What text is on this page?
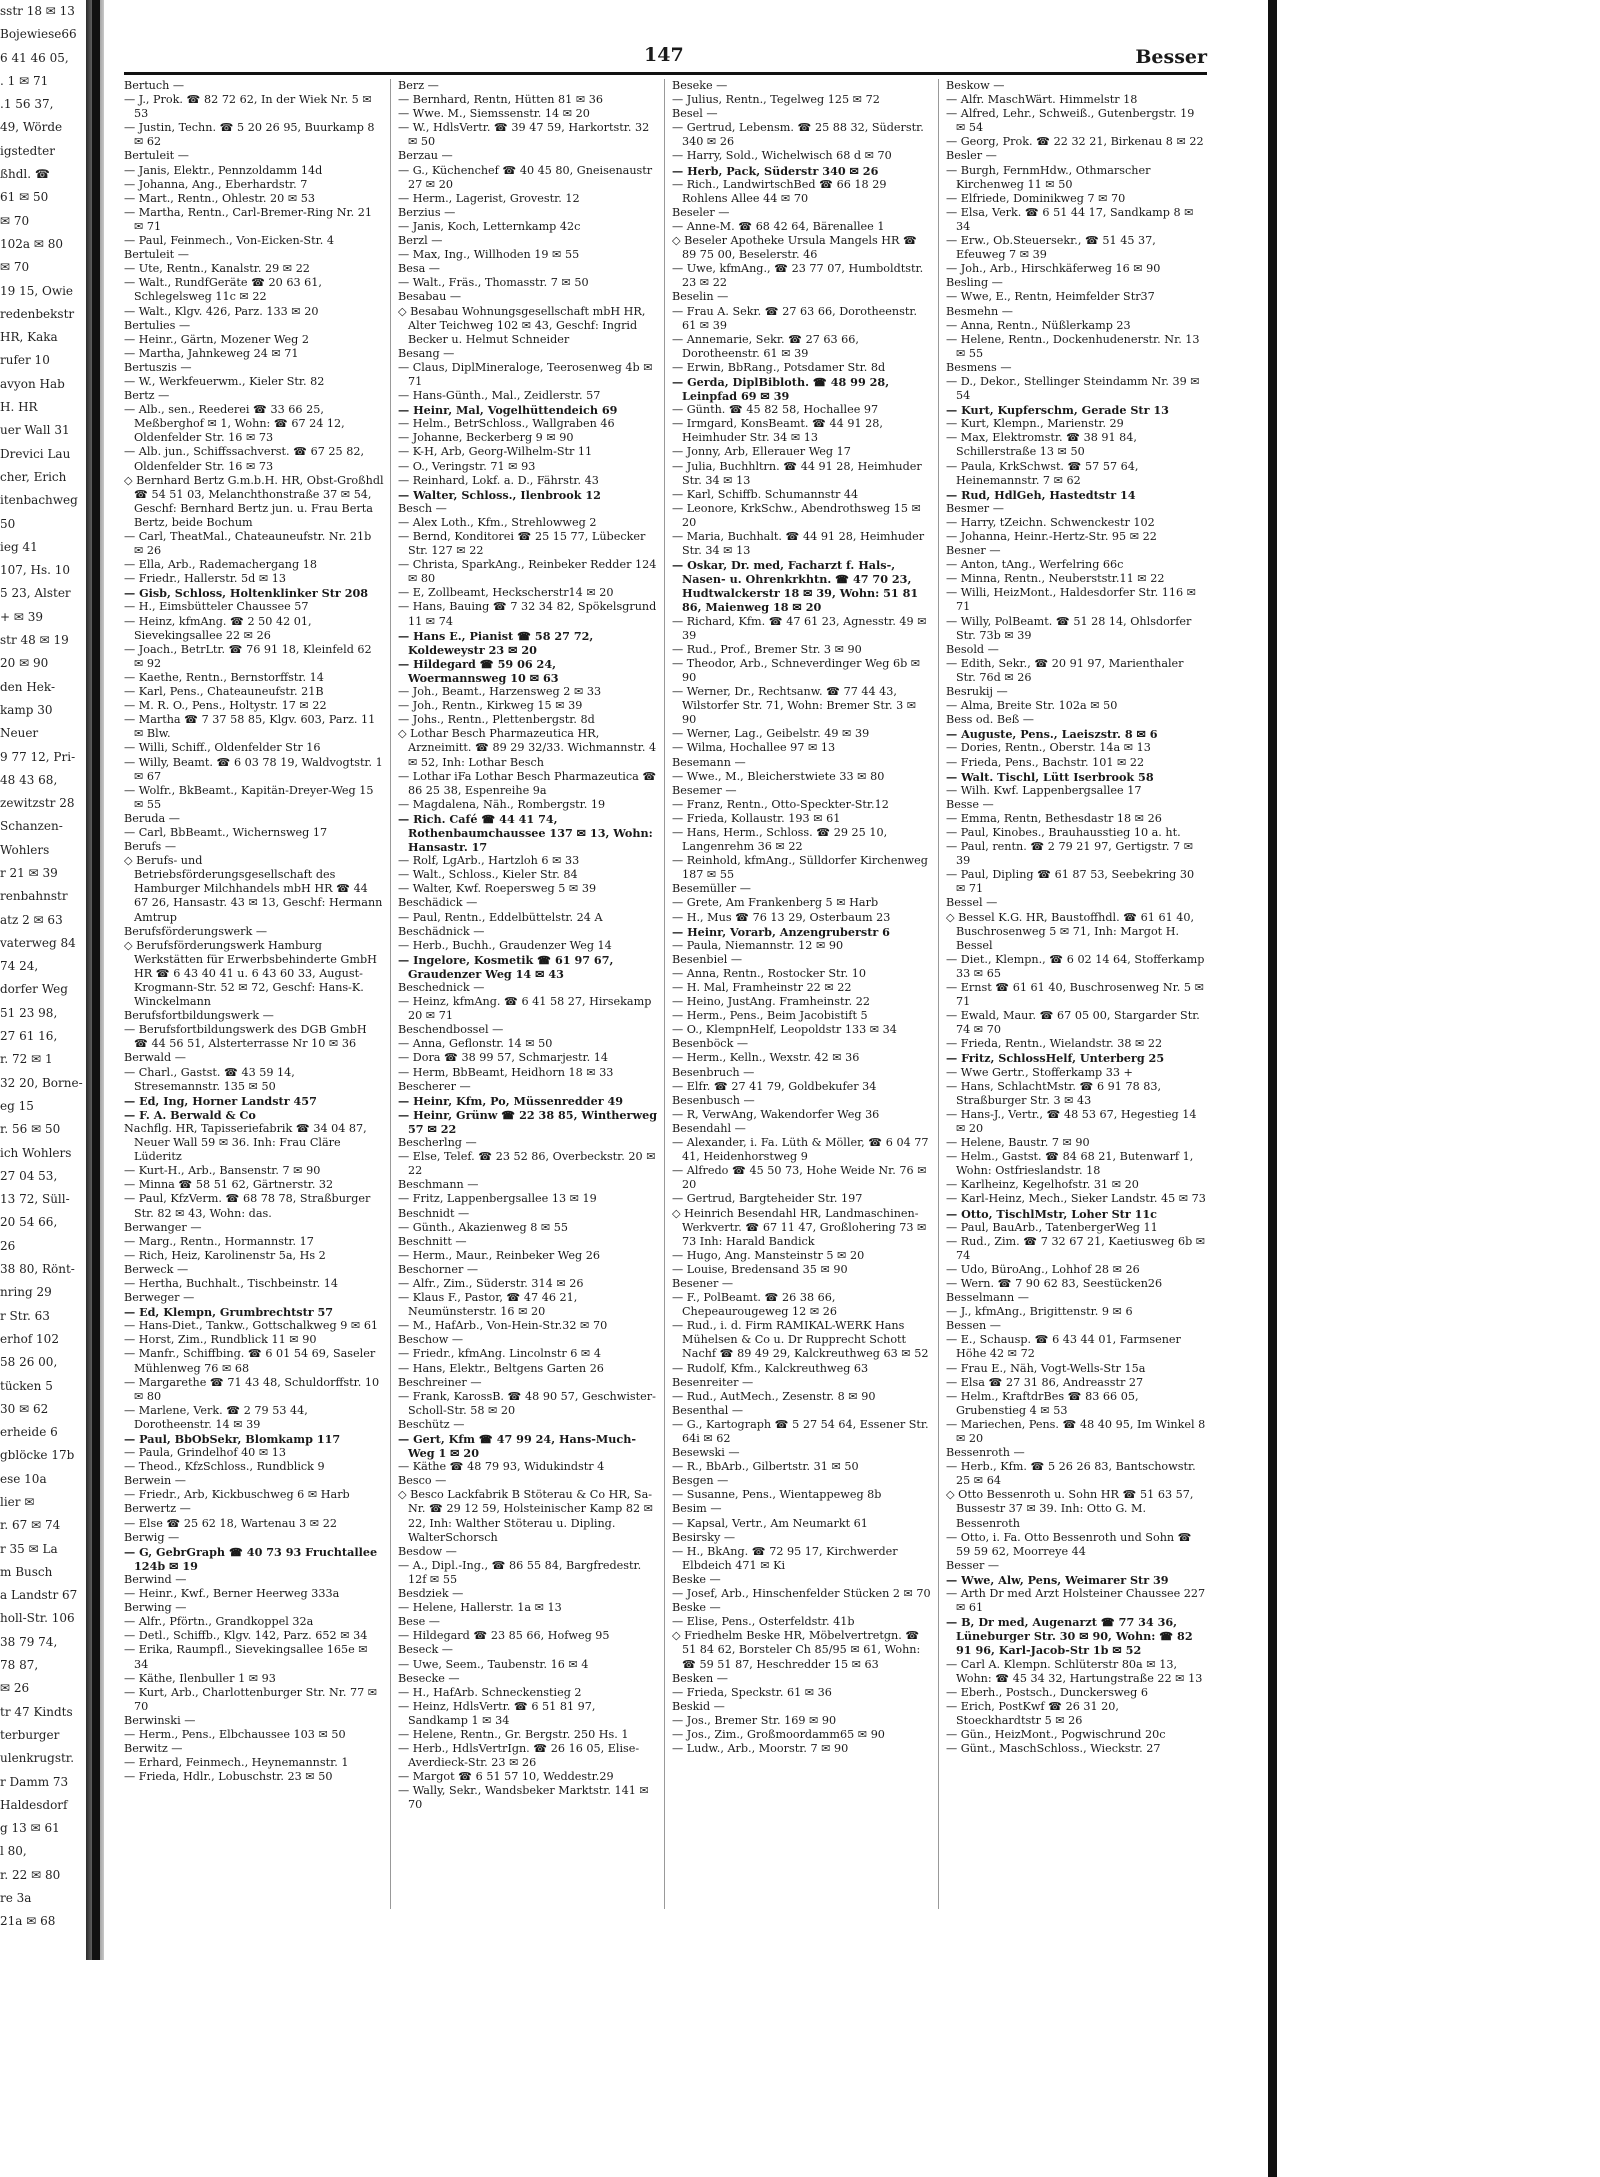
sstr 18 ✉ 13
Bojewiese66
6 41 46 05,
. 1 ✉ 71
.1 56 37,
49, Wörde
igstedter
ßhdl. ☎
61 ✉ 50
✉ 70
102a ✉ 80
✉ 70
19 15, Owie
redenbekstr
HR, Kaka
rufer 10
avyon Hab
H. HR
uer Wall 31
Drevici Lau
cher, Erich
itenbachweg
50
ieg 41
107, Hs. 10
5 23, Alster
+ ✉ 39
str 48 ✉ 19
20 ✉ 90
den Hek-
kamp 30
Neuer
9 77 12, Pri-
48 43 68,
zewitzstr 28
Schanzen-
Wohlers
r 21 ✉ 39
renbahnstr
atz 2 ✉ 63
vaterweg 84
74 24,
dorfer Weg
51 23 98,
27 61 16,
r. 72 ✉ 1
32 20, Borne-
eg 15
r. 56 ✉ 50
ich Wohlers
27 04 53,
13 72, Süll-
20 54 66,
26
38 80, Rönt-
nring 29
r Str. 63
erhof 102
58 26 00,
tücken 5
30 ✉ 62
erheide 6
gblöcke 17b
ese 10a
lier ✉
r. 67 ✉ 74
r 35 ✉ La
m Busch
a Landstr 67
holl-Str. 106
38 79 74,
78 87,
✉ 26
tr 47 Kindts
terburger
ulenkrugstr.
r Damm 73
Haldesdorf
g 13 ✉ 61
l 80,
r. 22 ✉ 80
re 3a
21a ✉ 68
147	Besser

Bertuch —

— J., Prok. ☎ 82 72 62, In der Wiek Nr. 5 ✉ 53

— Justin, Techn. ☎ 5 20 26 95, Buurkamp 8 ✉ 62

Bertuleit —

— Janis, Elektr., Pennzoldamm 14d

— Johanna, Ang., Eberhardstr. 7

— Mart., Rentn., Ohlestr. 20 ✉ 53

— Martha, Rentn., Carl-Bremer-Ring Nr. 21 ✉ 71

— Paul, Feinmech., Von-Eicken-Str. 4

Bertuleit —

— Ute, Rentn., Kanalstr. 29 ✉ 22

— Walt., RundfGeräte ☎ 20 63 61, Schlegelsweg 11c ✉ 22

— Walt., Klgv. 426, Parz. 133 ✉ 20

Bertulies —

— Heinr., Gärtn, Mozener Weg 2

— Martha, Jahnkeweg 24 ✉ 71

Bertuszis —

— W., Werkfeuerwm., Kieler Str. 82

Bertz —

— Alb., sen., Reederei ☎ 33 66 25, Meßberghof ✉ 1, Wohn: ☎ 67 24 12, Oldenfelder Str. 16 ✉ 73

— Alb. jun., Schiffssachverst. ☎ 67 25 82, Oldenfelder Str. 16 ✉ 73

◇ Bernhard Bertz G.m.b.H. HR, Obst-Großhdl ☎ 54 51 03, Melanchthonstraße 37 ✉ 54, Geschf: Bernhard Bertz jun. u. Frau Berta Bertz, beide Bochum

— Carl, TheatMal., Chateauneufstr. Nr. 21b ✉ 26

— Ella, Arb., Rademachergang 18

— Friedr., Hallerstr. 5d ✉ 13

— Gisb, Schloss, Holtenklinker Str 208

— H., Eimsbütteler Chaussee 57

— Heinz, kfmAng. ☎ 2 50 42 01, Sievekingsallee 22 ✉ 26

— Joach., BetrLtr. ☎ 76 91 18, Kleinfeld 62 ✉ 92

— Kaethe, Rentn., Bernstorffstr. 14

— Karl, Pens., Chateauneufstr. 21B

— M. R. O., Pens., Holtystr. 17 ✉ 22

— Martha ☎ 7 37 58 85, Klgv. 603, Parz. 11 ✉ Blw.

— Willi, Schiff., Oldenfelder Str 16

— Willy, Beamt. ☎ 6 03 78 19, Waldvogtstr. 1 ✉ 67

— Wolfr., BkBeamt., Kapitän-Dreyer-Weg 15 ✉ 55

Beruda —

— Carl, BbBeamt., Wichernsweg 17

Berufs —

◇ Berufs- und Betriebsförderungsgesellschaft des Hamburger Milchhandels mbH HR ☎ 44 67 26, Hansastr. 43 ✉ 13, Geschf: Hermann Amtrup

Berufsförderungswerk —

◇ Berufsförderungswerk Hamburg Werkstätten für Erwerbsbehinderte GmbH HR ☎ 6 43 40 41 u. 6 43 60 33, August-Krogmann-Str. 52 ✉ 72, Geschf: Hans-K. Winckelmann

Berufsfortbildungswerk —

— Berufsfortbildungswerk des DGB GmbH ☎ 44 56 51, Alsterterrasse Nr 10 ✉ 36

Berwald —

— Charl., Gastst. ☎ 43 59 14, Stresemannstr. 135 ✉ 50

— Ed, Ing, Horner Landstr 457

— F. A. Berwald & Co

Nachflg. HR, Tapisseriefabrik ☎ 34 04 87, Neuer Wall 59 ✉ 36. Inh: Frau Cläre Lüderitz

— Kurt-H., Arb., Bansenstr. 7 ✉ 90

— Minna ☎ 58 51 62, Gärtnerstr. 32

— Paul, KfzVerm. ☎ 68 78 78, Straßburger Str. 82 ✉ 43, Wohn: das.

Berwanger —

— Marg., Rentn., Hormannstr. 17

— Rich, Heiz, Karolinenstr 5a, Hs 2

Berweck —

— Hertha, Buchhalt., Tischbeinstr. 14

Berweger —

— Ed, Klempn, Grumbrechtstr 57

— Hans-Diet., Tankw., Gottschalkweg 9 ✉ 61

— Horst, Zim., Rundblick 11 ✉ 90

— Manfr., Schiffbing. ☎ 6 01 54 69, Saseler Mühlenweg 76 ✉ 68

— Margarethe ☎ 71 43 48, Schuldorffstr. 10 ✉ 80

— Marlene, Verk. ☎ 2 79 53 44, Dorotheenstr. 14 ✉ 39

— Paul, BbObSekr, Blomkamp 117

— Paula, Grindelhof 40 ✉ 13

— Theod., KfzSchloss., Rundblick 9

Berwein —

— Friedr., Arb, Kickbuschweg 6 ✉ Harb

Berwertz —

— Else ☎ 25 62 18, Wartenau 3 ✉ 22

Berwig —

— G, GebrGraph ☎ 40 73 93 Fruchtallee 124b ✉ 19

Berwind —

— Heinr., Kwf., Berner Heerweg 333a

Berwing —

— Alfr., Pförtn., Grandkoppel 32a

— Detl., Schiffb., Klgv. 142, Parz. 652 ✉ 34

— Erika, Raumpfl., Sievekingsallee 165e ✉ 34

— Käthe, Ilenbuller 1 ✉ 93

— Kurt, Arb., Charlottenburger Str. Nr. 77 ✉ 70

Berwinski —

— Herm., Pens., Elbchaussee 103 ✉ 50

Berwitz —

— Erhard, Feinmech., Heynemannstr. 1

— Frieda, Hdlr., Lobuschstr. 23 ✉ 50

Berz —

— Bernhard, Rentn, Hütten 81 ✉ 36

— Wwe. M., Siemssenstr. 14 ✉ 20

— W., HdlsVertr. ☎ 39 47 59, Harkortstr. 32 ✉ 50

Berzau —

— G., Küchenchef ☎ 40 45 80, Gneisenaustr 27 ✉ 20

— Herm., Lagerist, Grovestr. 12

Berzius —

— Janis, Koch, Letternkamp 42c

Berzl —

— Max, Ing., Willhoden 19 ✉ 55

Besa —

— Walt., Fräs., Thomasstr. 7 ✉ 50

Besabau —

◇ Besabau Wohnungsgesellschaft mbH HR, Alter Teichweg 102 ✉ 43, Geschf: Ingrid Becker u. Helmut Schneider

Besang —

— Claus, DiplMineraloge, Teerosenweg 4b ✉ 71

— Hans-Günth., Mal., Zeidlerstr. 57

— Heinr, Mal, Vogelhüttendeich 69

— Helm., BetrSchloss., Wallgraben 46

— Johanne, Beckerberg 9 ✉ 90

— K-H, Arb, Georg-Wilhelm-Str 11

— O., Veringstr. 71 ✉ 93

— Reinhard, Lokf. a. D., Fährstr. 43

— Walter, Schloss., Ilenbrook 12

Besch —

— Alex Loth., Kfm., Strehlowweg 2

— Bernd, Konditorei ☎ 25 15 77, Lübecker Str. 127 ✉ 22

— Christa, SparkAng., Reinbeker Redder 124 ✉ 80

— E, Zollbeamt, Heckscherstr14 ✉ 20

— Hans, Bauing ☎ 7 32 34 82, Spökelsgrund 11 ✉ 74

— Hans E., Pianist ☎ 58 27 72, Koldeweystr 23 ✉ 20

— Hildegard ☎ 59 06 24, Woermannsweg 10 ✉ 63

— Joh., Beamt., Harzensweg 2 ✉ 33

— Joh., Rentn., Kirkweg 15 ✉ 39

— Johs., Rentn., Plettenbergstr. 8d

◇ Lothar Besch Pharmazeutica HR, Arzneimitt. ☎ 89 29 32/33. Wichmannstr. 4 ✉ 52, Inh: Lothar Besch

— Lothar iFa Lothar Besch Pharmazeutica ☎ 86 25 38, Espenreihe 9a

— Magdalena, Näh., Rombergstr. 19

— Rich. Café ☎ 44 41 74, Rothenbaumchaussee 137 ✉ 13, Wohn: Hansastr. 17

— Rolf, LgArb., Hartzloh 6 ✉ 33

— Walt., Schloss., Kieler Str. 84

— Walter, Kwf. Roepersweg 5 ✉ 39

Beschädick —

— Paul, Rentn., Eddelbüttelstr. 24 A

Beschädnick —

— Herb., Buchh., Graudenzer Weg 14

— Ingelore, Kosmetik ☎ 61 97 67, Graudenzer Weg 14 ✉ 43

Beschednick —

— Heinz, kfmAng. ☎ 6 41 58 27, Hirsekamp 20 ✉ 71

Beschendbossel —

— Anna, Geflonstr. 14 ✉ 50

— Dora ☎ 38 99 57, Schmarjestr. 14

— Herm, BbBeamt, Heidhorn 18 ✉ 33

Bescherer —

— Heinr, Kfm, Po, Müssenredder 49

— Heinr, Grünw ☎ 22 38 85, Wintherweg 57 ✉ 22

Bescherlng —

— Else, Telef. ☎ 23 52 86, Overbeckstr. 20 ✉ 22

Beschmann —

— Fritz, Lappenbergsallee 13 ✉ 19

Beschnidt —

— Günth., Akazienweg 8 ✉ 55

Beschnitt —

— Herm., Maur., Reinbeker Weg 26

Beschorner —

— Alfr., Zim., Süderstr. 314 ✉ 26

— Klaus F., Pastor, ☎ 47 46 21, Neumünsterstr. 16 ✉ 20

— M., HafArb., Von-Hein-Str.32 ✉ 70

Beschow —

— Friedr., kfmAng. Lincolnstr 6 ✉ 4

— Hans, Elektr., Beltgens Garten 26

Beschreiner —

— Frank, KarossB. ☎ 48 90 57, Geschwister-Scholl-Str. 58 ✉ 20

Beschütz —

— Gert, Kfm ☎ 47 99 24, Hans-Much-Weg 1 ✉ 20

— Käthe ☎ 48 79 93, Widukindstr 4

Besco —

◇ Besco Lackfabrik B Stöterau & Co HR, Sa-Nr. ☎ 29 12 59, Holsteinischer Kamp 82 ✉ 22, Inh: Walther Stöterau u. Dipling. WalterSchorsch

Besdow —

— A., Dipl.-Ing., ☎ 86 55 84, Bargfredestr. 12f ✉ 55

Besdziek —

— Helene, Hallerstr. 1a ✉ 13

Bese —

— Hildegard ☎ 23 85 66, Hofweg 95

Beseck —

— Uwe, Seem., Taubenstr. 16 ✉ 4

Besecke —

— H., HafArb. Schneckenstieg 2

— Heinz, HdlsVertr. ☎ 6 51 81 97, Sandkamp 1 ✉ 34

— Helene, Rentn., Gr. Bergstr. 250 Hs. 1

— Herb., HdlsVertrIgn. ☎ 26 16 05, Elise-Averdieck-Str. 23 ✉ 26

— Margot ☎ 6 51 57 10, Weddestr.29

— Wally, Sekr., Wandsbeker Marktstr. 141 ✉ 70

Beseke —

— Julius, Rentn., Tegelweg 125 ✉ 72

Besel —

— Gertrud, Lebensm. ☎ 25 88 32, Süderstr. 340 ✉ 26

— Harry, Sold., Wichelwisch 68 d ✉ 70

— Herb, Pack, Süderstr 340 ✉ 26

— Rich., LandwirtschBed ☎ 66 18 29 Rohlens Allee 44 ✉ 70

Beseler —

— Anne-M. ☎ 68 42 64, Bärenallee 1

◇ Beseler Apotheke Ursula Mangels HR ☎ 89 75 00, Beselerstr. 46

— Uwe, kfmAng., ☎ 23 77 07, Humboldtstr. 23 ✉ 22

Beselin —

— Frau A. Sekr. ☎ 27 63 66, Dorotheenstr. 61 ✉ 39

— Annemarie, Sekr. ☎ 27 63 66, Dorotheenstr. 61 ✉ 39

— Erwin, BbRang., Potsdamer Str. 8d

— Gerda, DiplBibloth. ☎ 48 99 28, Leinpfad 69 ✉ 39

— Günth. ☎ 45 82 58, Hochallee 97

— Irmgard, KonsBeamt. ☎ 44 91 28, Heimhuder Str. 34 ✉ 13

— Jonny, Arb, Ellerauer Weg 17

— Julia, Buchhltrn. ☎ 44 91 28, Heimhuder Str. 34 ✉ 13

— Karl, Schiffb. Schumannstr 44

— Leonore, KrkSchw., Abendrothsweg 15 ✉ 20

— Maria, Buchhalt. ☎ 44 91 28, Heimhuder Str. 34 ✉ 13

— Oskar, Dr. med, Facharzt f. Hals-, Nasen- u. Ohrenkrkhtn. ☎ 47 70 23, Hudtwalckerstr 18 ✉ 39, Wohn: 51 81 86, Maienweg 18 ✉ 20

— Richard, Kfm. ☎ 47 61 23, Agnesstr. 49 ✉ 39

— Rud., Prof., Bremer Str. 3 ✉ 90

— Theodor, Arb., Schneverdinger Weg 6b ✉ 90

— Werner, Dr., Rechtsanw. ☎ 77 44 43, Wilstorfer Str. 71, Wohn: Bremer Str. 3 ✉ 90

— Werner, Lag., Geibelstr. 49 ✉ 39

— Wilma, Hochallee 97 ✉ 13

Besemann —

— Wwe., M., Bleicherstwiete 33 ✉ 80

Besemer —

— Franz, Rentn., Otto-Speckter-Str.12

— Frieda, Kollaustr. 193 ✉ 61

— Hans, Herm., Schloss. ☎ 29 25 10, Langenrehm 36 ✉ 22

— Reinhold, kfmAng., Sülldorfer Kirchenweg 187 ✉ 55

Besemüller —

— Grete, Am Frankenberg 5 ✉ Harb

— H., Mus ☎ 76 13 29, Osterbaum 23

— Heinr, Vorarb, Anzengruberstr 6

— Paula, Niemannstr. 12 ✉ 90

Besenbiel —

— Anna, Rentn., Rostocker Str. 10

— H. Mal, Framheinstr 22 ✉ 22

— Heino, JustAng. Framheinstr. 22

— Herm., Pens., Beim Jacobistift 5

— O., KlempnHelf, Leopoldstr 133 ✉ 34

Besenböck —

— Herm., Kelln., Wexstr. 42 ✉ 36

Besenbruch —

— Elfr. ☎ 27 41 79, Goldbekufer 34

Besenbusch —

— R, VerwAng, Wakendorfer Weg 36

Besendahl —

— Alexander, i. Fa. Lüth & Möller, ☎ 6 04 77 41, Heidenhorstweg 9

— Alfredo ☎ 45 50 73, Hohe Weide Nr. 76 ✉ 20

— Gertrud, Bargteheider Str. 197

◇ Heinrich Besendahl HR, Landmaschinen-Werkvertr. ☎ 67 11 47, Großlohering 73 ✉ 73 Inh: Harald Bandick

— Hugo, Ang. Mansteinstr 5 ✉ 20

— Louise, Bredensand 35 ✉ 90

Besener —

— F., PolBeamt. ☎ 26 38 66, Chepeaurougeweg 12 ✉ 26

— Rud., i. d. Firm RAMIKAL-WERK Hans Mühelsen & Co u. Dr Rupprecht Schott Nachf ☎ 89 49 29, Kalckreuthweg 63 ✉ 52

— Rudolf, Kfm., Kalckreuthweg 63

Besenreiter —

— Rud., AutMech., Zesenstr. 8 ✉ 90

Besenthal —

— G., Kartograph ☎ 5 27 54 64, Essener Str. 64i ✉ 62

Besewski —

— R., BbArb., Gilbertstr. 31 ✉ 50

Besgen —

— Susanne, Pens., Wientappeweg 8b

Besim —

— Kapsal, Vertr., Am Neumarkt 61

Besirsky —

— H., BkAng. ☎ 72 95 17, Kirchwerder Elbdeich 471 ✉ Ki

Beske —

— Josef, Arb., Hinschenfelder Stücken 2 ✉ 70

Beske —

— Elise, Pens., Osterfeldstr. 41b

◇ Friedhelm Beske HR, Möbelvertretgn. ☎ 51 84 62, Borsteler Ch 85/95 ✉ 61, Wohn: ☎ 59 51 87, Heschredder 15 ✉ 63

Besken —

— Frieda, Speckstr. 61 ✉ 36

Beskid —

— Jos., Bremer Str. 169 ✉ 90

— Jos., Zim., Großmoordamm65 ✉ 90

— Ludw., Arb., Moorstr. 7 ✉ 90

Beskow —

— Alfr. MaschWärt. Himmelstr 18

— Alfred, Lehr., Schweiß., Gutenbergstr. 19 ✉ 54

— Georg, Prok. ☎ 22 32 21, Birkenau 8 ✉ 22

Besler —

— Burgh, FernmHdw., Othmarscher Kirchenweg 11 ✉ 50

— Elfriede, Dominikweg 7 ✉ 70

— Elsa, Verk. ☎ 6 51 44 17, Sandkamp 8 ✉ 34

— Erw., Ob.Steuersekr., ☎ 51 45 37, Efeuweg 7 ✉ 39

— Joh., Arb., Hirschkäferweg 16 ✉ 90

Besling —

— Wwe, E., Rentn, Heimfelder Str37

Besmehn —

— Anna, Rentn., Nüßlerkamp 23

— Helene, Rentn., Dockenhudenerstr. Nr. 13 ✉ 55

Besmens —

— D., Dekor., Stellinger Steindamm Nr. 39 ✉ 54

— Kurt, Kupferschm, Gerade Str 13

— Kurt, Klempn., Marienstr. 29

— Max, Elektromstr. ☎ 38 91 84, Schillerstraße 13 ✉ 50

— Paula, KrkSchwst. ☎ 57 57 64, Heinemannstr. 7 ✉ 62

— Rud, HdlGeh, Hastedtstr 14

Besmer —

— Harry, tZeichn. Schwenckestr 102

— Johanna, Heinr.-Hertz-Str. 95 ✉ 22

Besner —

— Anton, tAng., Werfelring 66c

— Minna, Rentn., Neuberststr.11 ✉ 22

— Willi, HeizMont., Haldesdorfer Str. 116 ✉ 71

— Willy, PolBeamt. ☎ 51 28 14, Ohlsdorfer Str. 73b ✉ 39

Besold —

— Edith, Sekr., ☎ 20 91 97, Marienthaler Str. 76d ✉ 26

Besrukij —

— Alma, Breite Str. 102a ✉ 50

Bess od. Beß —

— Auguste, Pens., Laeiszstr. 8 ✉ 6

— Dories, Rentn., Oberstr. 14a ✉ 13

— Frieda, Pens., Bachstr. 101 ✉ 22

— Walt. Tischl, Lütt Iserbrook 58

— Wilh. Kwf. Lappenbergsallee 17

Besse —

— Emma, Rentn, Bethesdastr 18 ✉ 26

— Paul, Kinobes., Brauhausstieg 10 a. ht.

— Paul, rentn. ☎ 2 79 21 97, Gertigstr. 7 ✉ 39

— Paul, Dipling ☎ 61 87 53, Seebekring 30 ✉ 71

Bessel —

◇ Bessel K.G. HR, Baustoffhdl. ☎ 61 61 40, Buschrosenweg 5 ✉ 71, Inh: Margot H. Bessel

— Diet., Klempn., ☎ 6 02 14 64, Stofferkamp 33 ✉ 65

— Ernst ☎ 61 61 40, Buschrosenweg Nr. 5 ✉ 71

— Ewald, Maur. ☎ 67 05 00, Stargarder Str. 74 ✉ 70

— Frieda, Rentn., Wielandstr. 38 ✉ 22

— Fritz, SchlossHelf, Unterberg 25

— Wwe Gertr., Stofferkamp 33 +

— Hans, SchlachtMstr. ☎ 6 91 78 83, Straßburger Str. 3 ✉ 43

— Hans-J., Vertr., ☎ 48 53 67, Hegestieg 14 ✉ 20

— Helene, Baustr. 7 ✉ 90

— Helm., Gastst. ☎ 84 68 21, Butenwarf 1, Wohn: Ostfrieslandstr. 18

— Karlheinz, Kegelhofstr. 31 ✉ 20

— Karl-Heinz, Mech., Sieker Landstr. 45 ✉ 73

— Otto, TischlMstr, Loher Str 11c

— Paul, BauArb., TatenbergerWeg 11

— Rud., Zim. ☎ 7 32 67 21, Kaetiusweg 6b ✉ 74

— Udo, BüroAng., Lohhof 28 ✉ 26

— Wern. ☎ 7 90 62 83, Seestücken26

Besselmann —

— J., kfmAng., Brigittenstr. 9 ✉ 6

Bessen —

— E., Schausp. ☎ 6 43 44 01, Farmsener Höhe 42 ✉ 72

— Frau E., Näh, Vogt-Wells-Str 15a

— Elsa ☎ 27 31 86, Andreasstr 27

— Helm., KraftdrBes ☎ 83 66 05, Grubenstieg 4 ✉ 53

— Mariechen, Pens. ☎ 48 40 95, Im Winkel 8 ✉ 20

Bessenroth —

— Herb., Kfm. ☎ 5 26 26 83, Bantschowstr. 25 ✉ 64

◇ Otto Bessenroth u. Sohn HR ☎ 51 63 57, Bussestr 37 ✉ 39. Inh: Otto G. M. Bessenroth

— Otto, i. Fa. Otto Bessenroth und Sohn ☎ 59 59 62, Moorreye 44

Besser —

— Wwe, Alw, Pens, Weimarer Str 39

— Arth Dr med Arzt Holsteiner Chaussee 227 ✉ 61

— B, Dr med, Augenarzt ☎ 77 34 36, Lüneburger Str. 30 ✉ 90, Wohn: ☎ 82 91 96, Karl-Jacob-Str 1b ✉ 52

— Carl A. Klempn. Schlüterstr 80a ✉ 13, Wohn: ☎ 45 34 32, Hartungstraße 22 ✉ 13

— Eberh., Postsch., Dunckersweg 6

— Erich, PostKwf ☎ 26 31 20, Stoeckhardtstr 5 ✉ 26

— Gün., HeizMont., Pogwischrund 20c

— Günt., MaschSchloss., Wieckstr. 27
